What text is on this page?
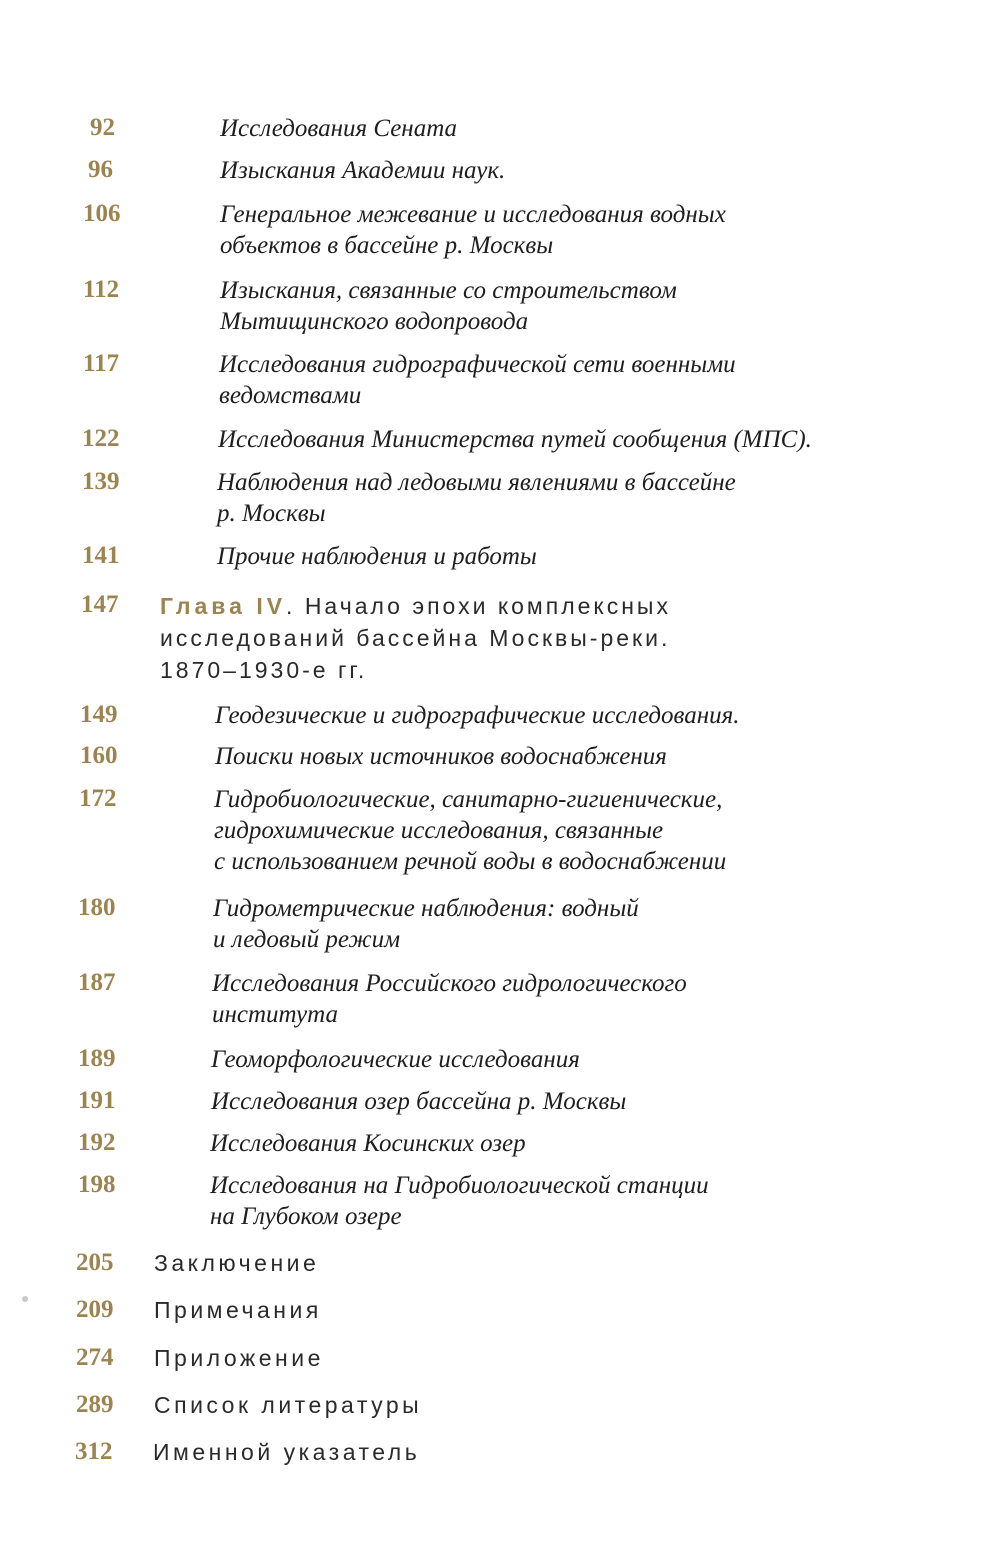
92	Исследования Сената
96	Изыскания Академии наук.
106	Генеральное межевание и исследования водных
объектов в бассейне р. Москвы
112	Изыскания, связанные со строительством
Мытищинского водопровода
117	Исследования гидрографической сети военными
ведомствами
122	Исследования Министерства путей сообщения (МПС).
139	Наблюдения над ледовыми явлениями в бассейне
р. Москвы
141	Прочие наблюдения и работы
147 Глава IV. Начало эпохи комплексных
исследований бассейна Москвы-реки.
1870–1930-е гг.
149	Геодезические и гидрографические исследования.
160	Поиски новых источников водоснабжения
172	Гидробиологические, санитарно-гигиенические,
гидрохимические исследования, связанные
с использованием речной воды в водоснабжении
180	Гидрометрические наблюдения: водный
и ледовый режим
187	Исследования Российского гидрологического
института
189	Геоморфологические исследования
191	Исследования озер бассейна р. Москвы
192	Исследования Косинских озер
198	Исследования на Гидробиологической станции
на Глубоком озере
205 Заключение
209 Примечания
274 Приложение
289 Список литературы
312 Именной указатель
